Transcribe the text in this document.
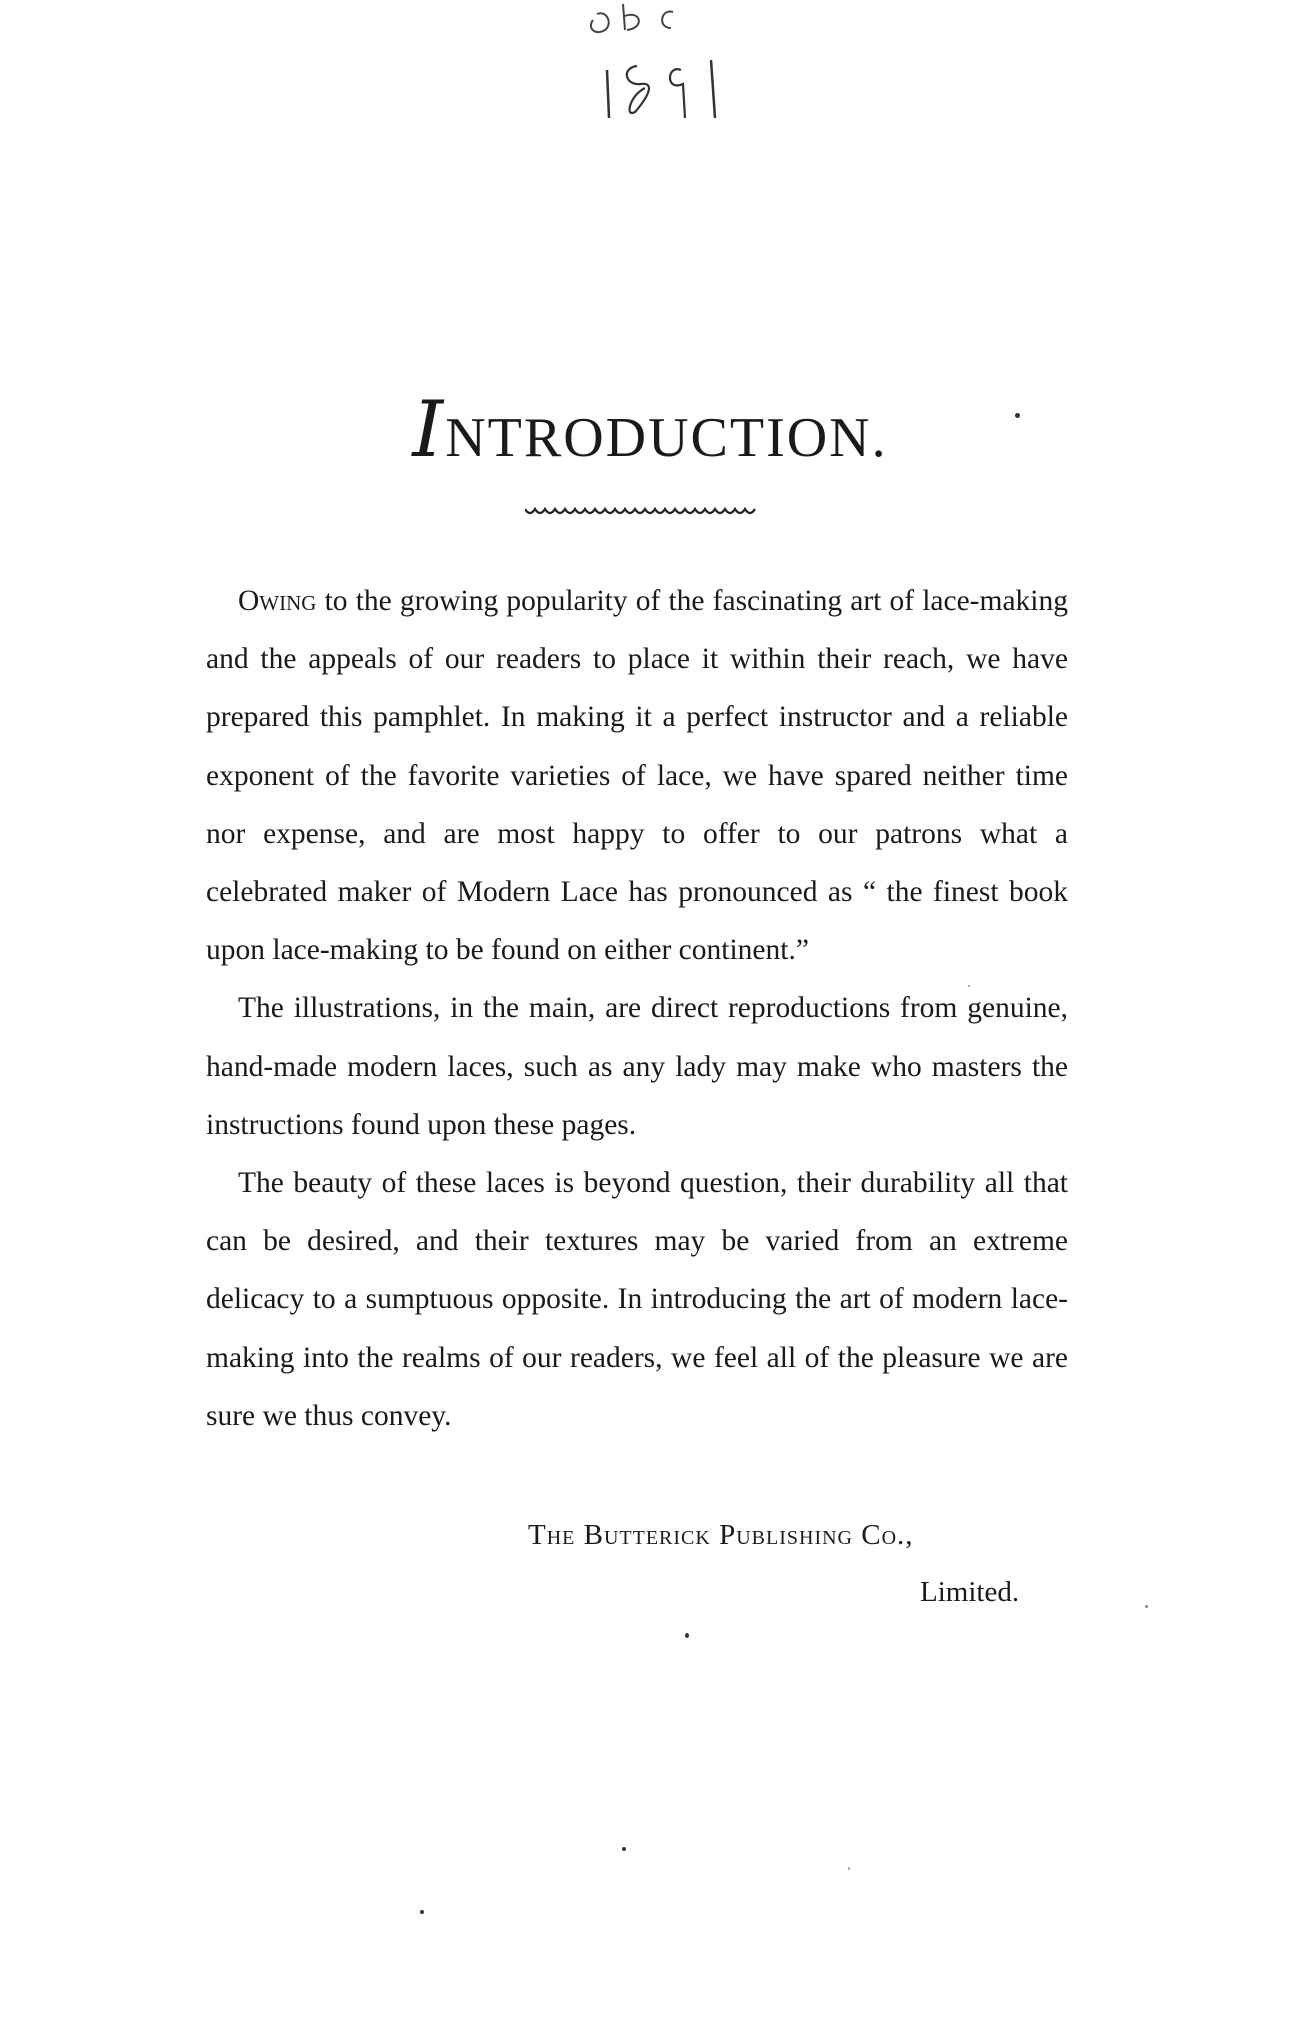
INTRODUCTION.

Owing to the growing popularity of the fascinating art of lace-making and the appeals of our readers to place it within their reach, we have prepared this pamphlet. In making it a perfect instructor and a reliable exponent of the favorite varieties of lace, we have spared neither time nor expense, and are most happy to offer to our patrons what a celebrated maker of Modern Lace has pronounced as “ the finest book upon lace-making to be found on either continent.”

The illustrations, in the main, are direct reproductions from genuine, hand-made modern laces, such as any lady may make who masters the instructions found upon these pages.

The beauty of these laces is beyond question, their durability all that can be desired, and their textures may be varied from an extreme delicacy to a sumptuous opposite. In introducing the art of modern lace-making into the realms of our readers, we feel all of the pleasure we are sure we thus convey.

The Butterick Publishing Co.,
Limited.
